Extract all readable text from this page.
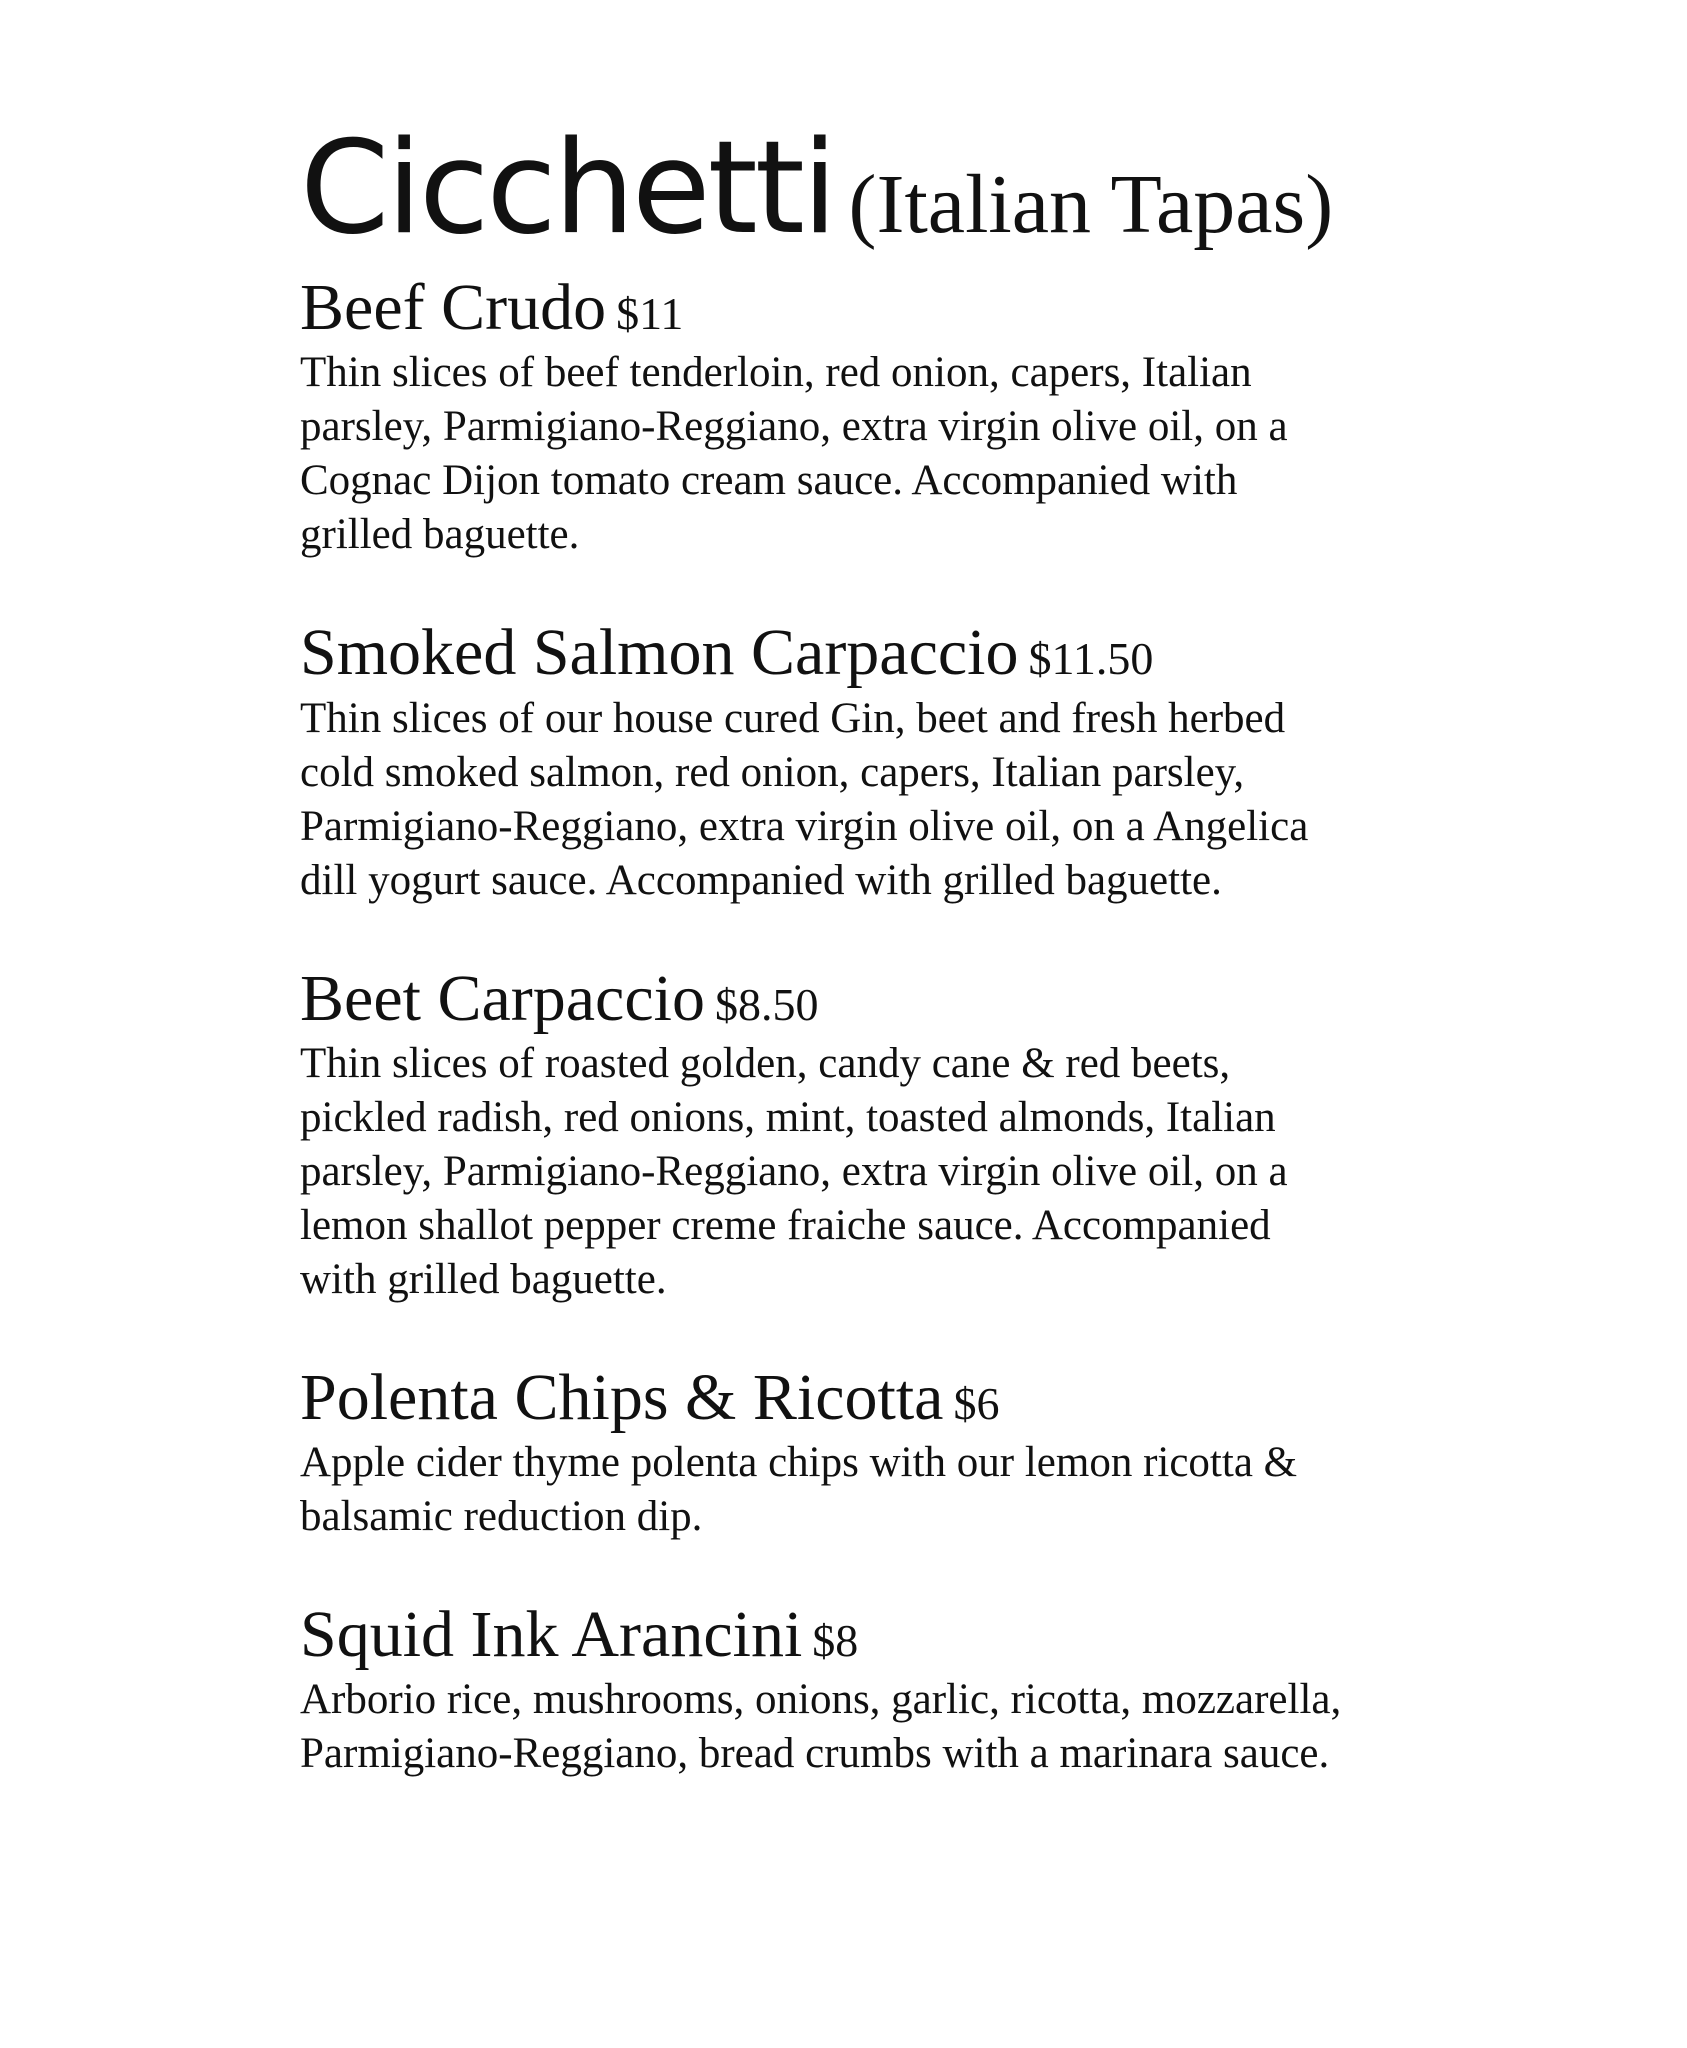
Cicchetti (Italian Tapas)
Beef Crudo $11

Thin slices of beef tenderloin, red onion, capers, Italian
parsley, Parmigiano-Reggiano, extra virgin olive oil, on a
Cognac Dijon tomato cream sauce. Accompanied with
grilled baguette.

Smoked Salmon Carpaccio $11.50

Thin slices of our house cured Gin, beet and fresh herbed
cold smoked salmon, red onion, capers, Italian parsley,
Parmigiano-Reggiano, extra virgin olive oil, on a Angelica
dill yogurt sauce. Accompanied with grilled baguette.

Beet Carpaccio $8.50

Thin slices of roasted golden, candy cane & red beets,
pickled radish, red onions, mint, toasted almonds, Italian
parsley, Parmigiano-Reggiano, extra virgin olive oil, on a
lemon shallot pepper creme fraiche sauce. Accompanied
with grilled baguette.

Polenta Chips & Ricotta $6

Apple cider thyme polenta chips with our lemon ricotta &
balsamic reduction dip.

Squid Ink Arancini $8

Arborio rice, mushrooms, onions, garlic, ricotta, mozzarella,
Parmigiano-Reggiano, bread crumbs with a marinara sauce.
